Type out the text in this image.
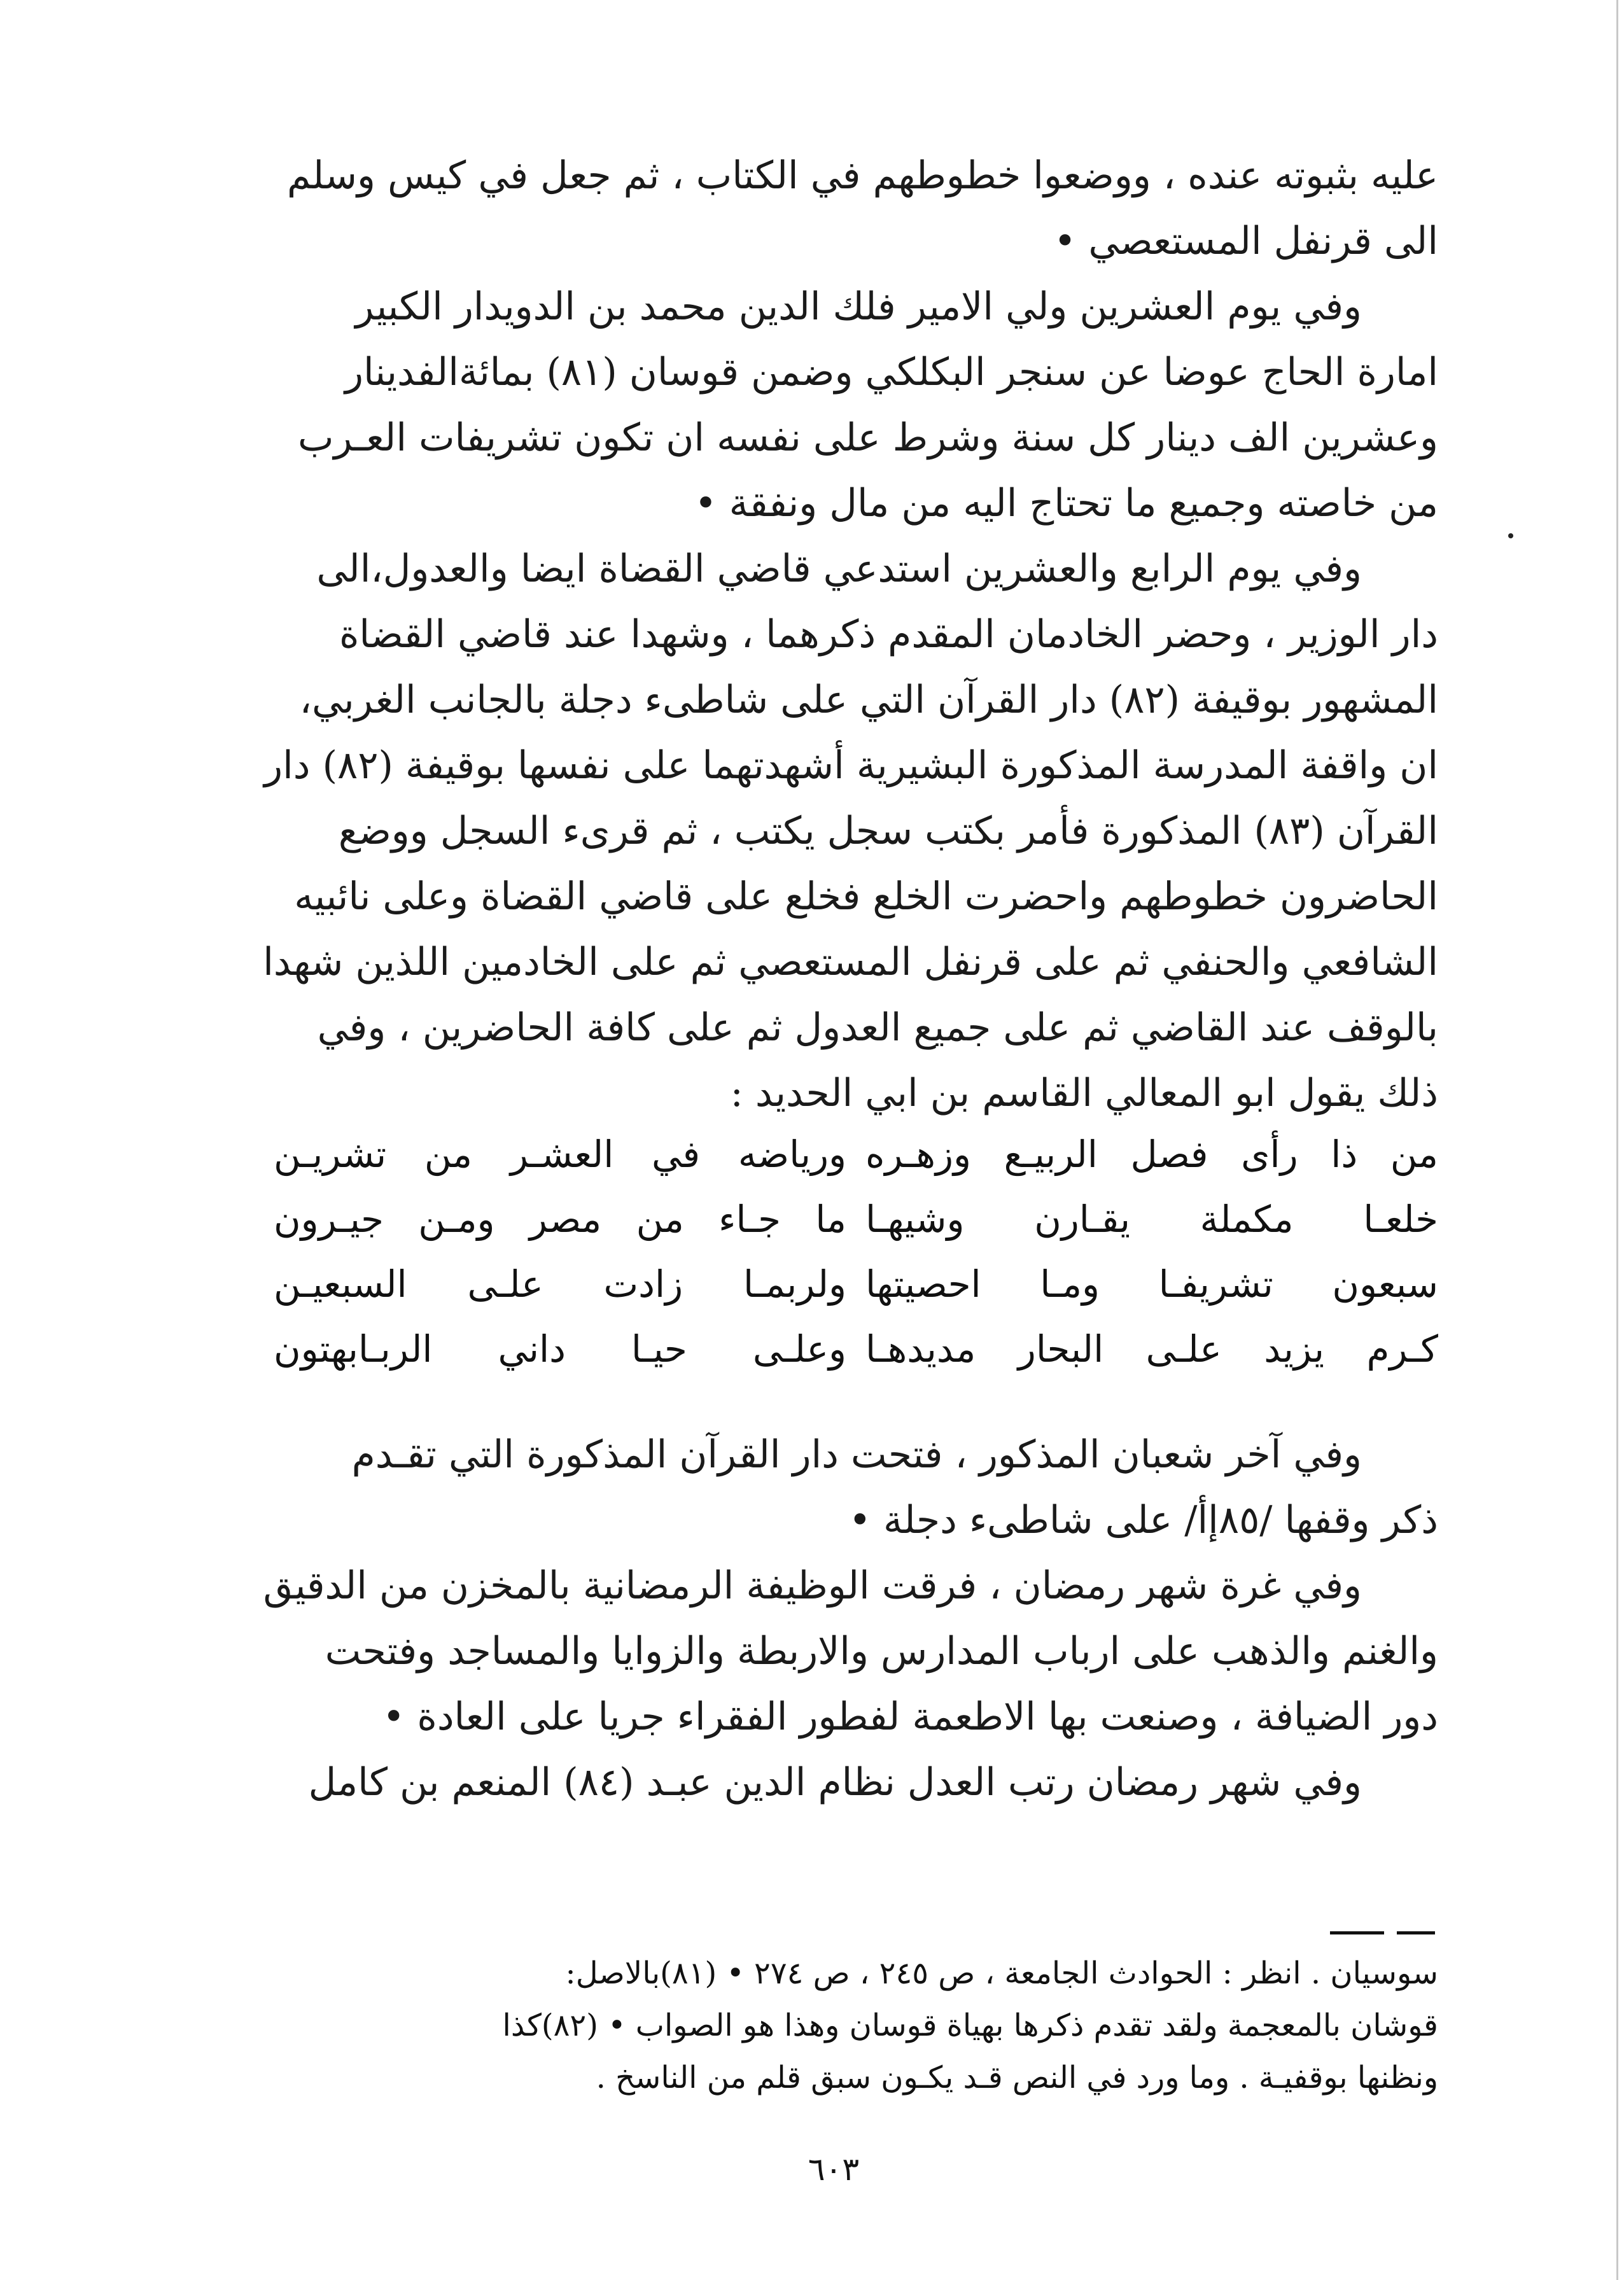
عليه بثبوته عنده ، ووضعوا خطوطهم في الكتاب ، ثم جعل في كيس وسلم
الى قرنفل المستعصي •
وفي يوم العشرين ولي الامير فلك الدين محمد بن الدويدار الكبير
امارة الحاج عوضا عن سنجر البكلكي وضمن قوسان (٨١) بمائةالفدينار
وعشرين الف دينار كل سنة وشرط على نفسه ان تكون تشريفات العـرب
من خاصته وجميع ما تحتاج اليه من مال ونفقة •
وفي يوم الرابع والعشرين استدعي قاضي القضاة ايضا والعدول،الى
دار الوزير ، وحضر الخادمان المقدم ذكرهما ، وشهدا عند قاضي القضاة
المشهور بوقيفة (٨٢) دار القرآن التي على شاطىء دجلة بالجانب الغربي،
ان واقفة المدرسة المذكورة البشيرية أشهدتهما على نفسها بوقيفة (٨٢) دار
القرآن (٨٣) المذكورة فأمر بكتب سجل يكتب ، ثم قرىء السجل ووضع
الحاضرون خطوطهم واحضرت الخلع فخلع على قاضي القضاة وعلى نائبيه
الشافعي والحنفي ثم على قرنفل المستعصي ثم على الخادمين اللذين شهدا
بالوقف عند القاضي ثم على جميع العدول ثم على كافة الحاضرين ، وفي
ذلك يقول ابو المعالي القاسم بن ابي الحديد :
من ذا رأى فصل الربيـع وزهـره
ورياضه في العشـر من تشريـن
خلعـا مكملة يقـارن وشيهـا
ما جـاء من مصر ومـن جيـرون
سبعون تشريفـا ومـا احصيتها
ولربمـا زادت علـى السبعيـن
كـرم يزيد علـى البحار مديدهـا
وعلـى حيـا داني الربـابهتون
وفي آخر شعبان المذكور ، فتحت دار القرآن المذكورة التي تقـدم
ذكر وقفها /٨٥إأ/ على شاطىء دجلة •
وفي غرة شهر رمضان ، فرقت الوظيفة الرمضانية بالمخزن من الدقيق
والغنم والذهب على ارباب المدارس والاربطة والزوايا والمساجد وفتحت
دور الضيافة ، وصنعت بها الاطعمة لفطور الفقراء جريا على العادة •
وفي شهر رمضان رتب العدل نظام الدين عبـد (٨٤) المنعم بن كامل
سوسيان . انظر : الحوادث الجامعة ، ص ٢٤٥ ، ص ٢٧٤ • (٨١)بالاصل:
قوشان بالمعجمة ولقد تقدم ذكرها بهياة قوسان وهذا هو الصواب • (٨٢)كذا
ونظنها بوقفيـة . وما ورد في النص قـد يكـون سبق قلم من الناسخ .
٦٠٣
